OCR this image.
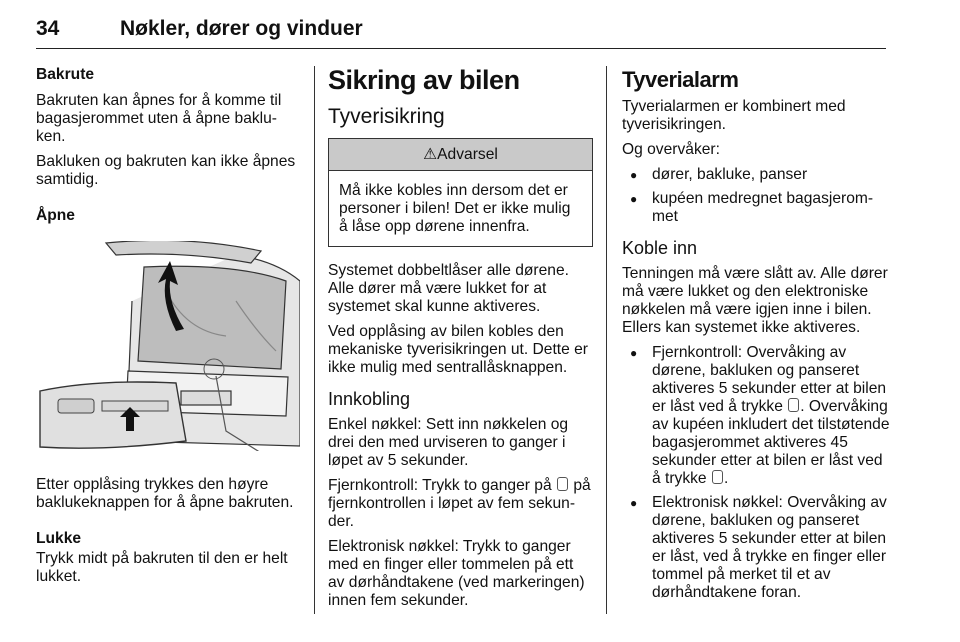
34	Nøkler, dører og vinduer
Bakrute

Bakruten kan åpnes for å komme til bagasjerommet uten å åpne bakluken.

Bakluken og bakruten kan ikke åpnes samtidig.

Åpne

Etter opplåsing trykkes den høyre baklukeknappen for å åpne bakruten.

Lukke

Trykk midt på bakruten til den er helt lukket.

Sikring av bilen
Tyverisikring
⚠Advarsel
Må ikke kobles inn dersom det er personer i bilen! Det er ikke mulig å låse opp dørene innenfra.

Systemet dobbeltlåser alle dørene. Alle dører må være lukket for at systemet skal kunne aktiveres.

Ved opplåsing av bilen kobles den mekaniske tyverisikringen ut. Dette er ikke mulig med sentrallåsknappen.

Innkobling

Enkel nøkkel: Sett inn nøkkelen og drei den med urviseren to ganger i løpet av 5 sekunder.

Fjernkontroll: Trykk to ganger på på fjernkontrollen i løpet av fem sekunder.

Elektronisk nøkkel: Trykk to ganger med en finger eller tommelen på ett av dørhåndtakene (ved markeringen) innen fem sekunder.

Tyverialarm

Tyverialarmen er kombinert med tyverisikringen.

Og overvåker:

● dører, bakluke, panser
● kupéen medregnet bagasjerommet
Koble inn

Tenningen må være slått av. Alle dører må være lukket og den elektroniske nøkkelen må være igjen inne i bilen. Ellers kan systemet ikke aktiveres.

● Fjernkontroll: Overvåking av dørene, bakluken og panseret aktiveres 5 sekunder etter at bilen er låst ved å trykke . Overvåking av kupéen inkludert det tilstøtende bagasjerommet aktiveres 45 sekunder etter at bilen er låst ved å trykke .
● Elektronisk nøkkel: Overvåking av dørene, bakluken og panseret aktiveres 5 sekunder etter at bilen er låst, ved å trykke en finger eller tommel på merket til et av dørhåndtakene foran.
